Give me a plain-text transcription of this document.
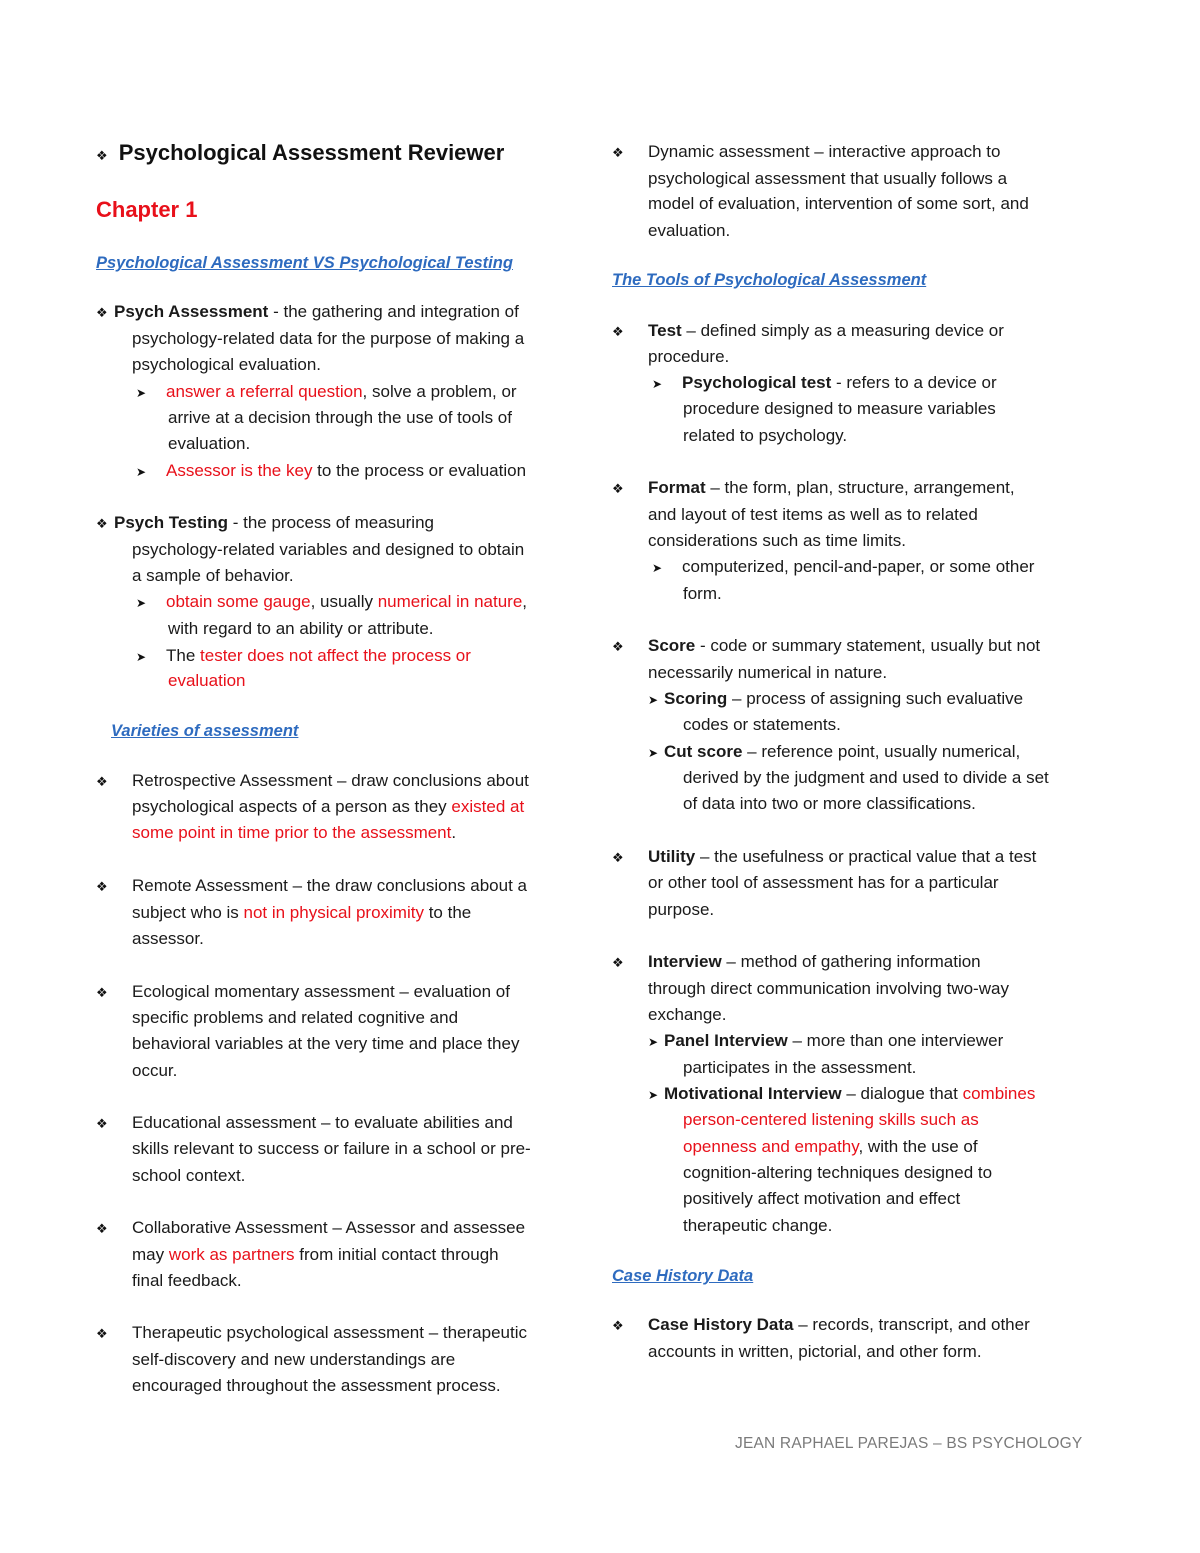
❖ Psychological Assessment Reviewer
Chapter 1
Psychological Assessment VS Psychological Testing
❖ Psych Assessment - the gathering and integration of
psychology-related data for the purpose of making a
psychological evaluation.
➤ answer a referral question, solve a problem, or
arrive at a decision through the use of tools of
evaluation.
➤ Assessor is the key to the process or evaluation
❖ Psych Testing - the process of measuring
psychology-related variables and designed to obtain
a sample of behavior.
➤ obtain some gauge, usually numerical in nature,
with regard to an ability or attribute.
➤ The tester does not affect the process or
evaluation
Varieties of assessment
❖ Retrospective Assessment – draw conclusions about
psychological aspects of a person as they existed at
some point in time prior to the assessment.
❖ Remote Assessment – the draw conclusions about a
subject who is not in physical proximity to the
assessor.
❖ Ecological momentary assessment – evaluation of
specific problems and related cognitive and
behavioral variables at the very time and place they
occur.
❖ Educational assessment – to evaluate abilities and
skills relevant to success or failure in a school or pre-
school context.
❖ Collaborative Assessment – Assessor and assessee
may work as partners from initial contact through
final feedback.
❖ Therapeutic psychological assessment – therapeutic
self-discovery and new understandings are
encouraged throughout the assessment process.
❖ Dynamic assessment – interactive approach to
psychological assessment that usually follows a
model of evaluation, intervention of some sort, and
evaluation.
The Tools of Psychological Assessment
❖ Test – defined simply as a measuring device or
procedure.
➤ Psychological test - refers to a device or
procedure designed to measure variables
related to psychology.
❖ Format – the form, plan, structure, arrangement,
and layout of test items as well as to related
considerations such as time limits.
➤ computerized, pencil-and-paper, or some other
form.
❖ Score - code or summary statement, usually but not
necessarily numerical in nature.
➤ Scoring – process of assigning such evaluative
codes or statements.
➤ Cut score – reference point, usually numerical,
derived by the judgment and used to divide a set
of data into two or more classifications.
❖ Utility – the usefulness or practical value that a test
or other tool of assessment has for a particular
purpose.
❖ Interview – method of gathering information
through direct communication involving two-way
exchange.
➤ Panel Interview – more than one interviewer
participates in the assessment.
➤ Motivational Interview – dialogue that combines
person-centered listening skills such as
openness and empathy, with the use of
cognition-altering techniques designed to
positively affect motivation and effect
therapeutic change.
Case History Data
❖ Case History Data – records, transcript, and other
accounts in written, pictorial, and other form.
JEAN RAPHAEL PAREJAS – BS PSYCHOLOGY
